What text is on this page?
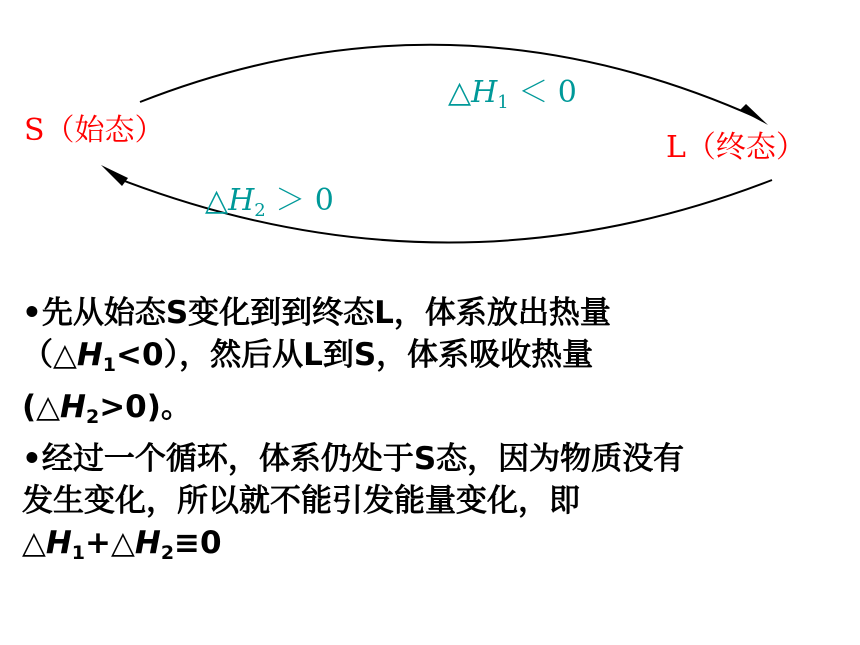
S（始态）	L（终态）
$\triangle H_1 < 0$
$\triangle H_2 > 0$

•先从始态S变化到到终态L，体系放出热量

$(\triangle H_1<0)$，然后从L到S，体系吸收热量

$(\triangle H_2>0)$。

•经过一个循环，体系仍处于S态，因为物质没有

发生变化，所以就不能引发能量变化，即

$\triangle H_1+\triangle H_2\equiv 0$
